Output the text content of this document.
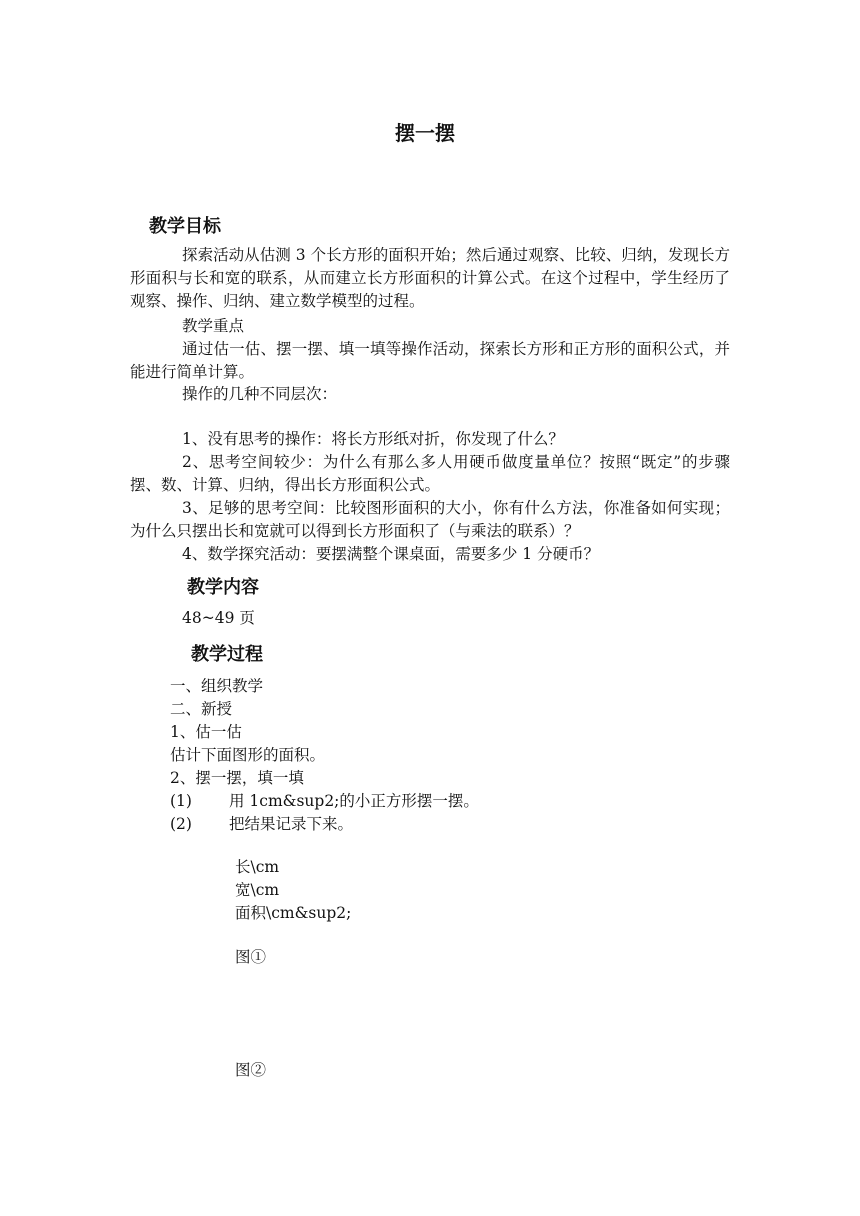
摆一摆
教学目标
探索活动从估测 3 个长方形的面积开始；然后通过观察、比较、归纳，发现长方形面积与长和宽的联系，从而建立长方形面积的计算公式。在这个过程中，学生经历了观察、操作、归纳、建立数学模型的过程。
教学重点
通过估一估、摆一摆、填一填等操作活动，探索长方形和正方形的面积公式，并能进行简单计算。
操作的几种不同层次：
1、没有思考的操作：将长方形纸对折，你发现了什么？
2、思考空间较少：为什么有那么多人用硬币做度量单位？按照“既定”的步骤摆、数、计算、归纳，得出长方形面积公式。
3、足够的思考空间：比较图形面积的大小，你有什么方法，你准备如何实现；为什么只摆出长和宽就可以得到长方形面积了（与乘法的联系）？
4、数学探究活动：要摆满整个课桌面，需要多少 1 分硬币？
教学内容
48~49 页
教学过程
一、组织教学
二、新授
1、估一估
估计下面图形的面积。
2、摆一摆，填一填
(1) 用 1cm&sup2;的小正方形摆一摆。
(2) 把结果记录下来。
长\cm
宽\cm
面积\cm&sup2;
图①
图②
